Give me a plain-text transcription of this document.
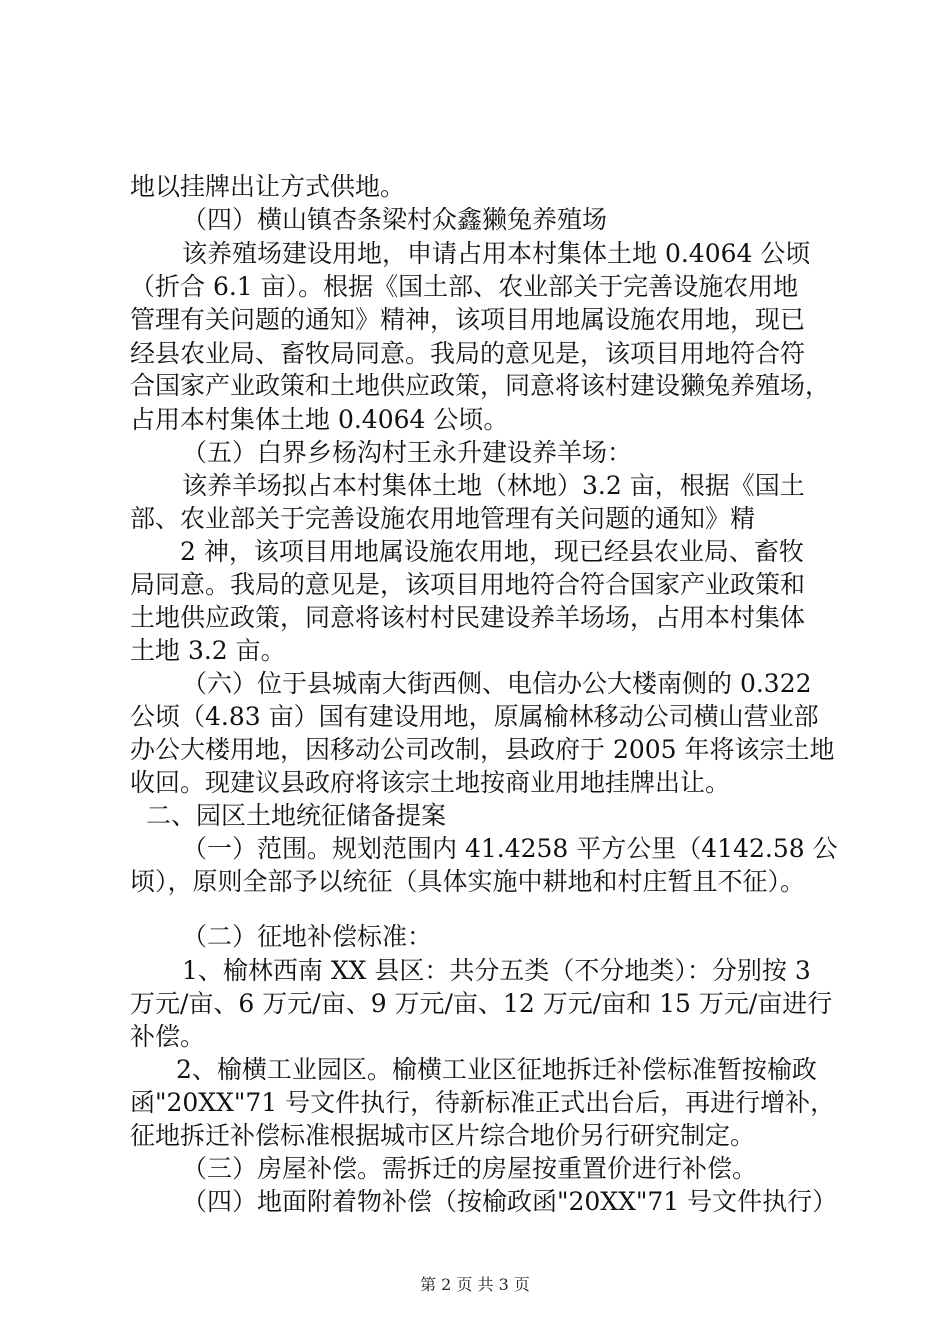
地以挂牌出让方式供地。
（四）横山镇杏条梁村众鑫獭兔养殖场
该养殖场建设用地，申请占用本村集体土地 0.4064 公顷
（折合 6.1 亩）。根据《国土部、农业部关于完善设施农用地
管理有关问题的通知》精神，该项目用地属设施农用地，现已
经县农业局、畜牧局同意。我局的意见是，该项目用地符合符
合国家产业政策和土地供应政策，同意将该村建设獭兔养殖场，
占用本村集体土地 0.4064 公顷。
（五）白界乡杨沟村王永升建设养羊场：
该养羊场拟占本村集体土地（林地）3.2 亩，根据《国土
部、农业部关于完善设施农用地管理有关问题的通知》精
2 神，该项目用地属设施农用地，现已经县农业局、畜牧
局同意。我局的意见是，该项目用地符合符合国家产业政策和
土地供应政策，同意将该村村民建设养羊场场，占用本村集体
土地 3.2 亩。
（六）位于县城南大街西侧、电信办公大楼南侧的 0.322
公顷（4.83 亩）国有建设用地，原属榆林移动公司横山营业部
办公大楼用地，因移动公司改制，县政府于 2005 年将该宗土地
收回。现建议县政府将该宗土地按商业用地挂牌出让。
二、园区土地统征储备提案
（一）范围。规划范围内 41.4258 平方公里（4142.58 公
顷），原则全部予以统征（具体实施中耕地和村庄暂且不征）。
（二）征地补偿标准：
1、榆林西南 XX 县区：共分五类（不分地类）：分别按 3
万元/亩、6 万元/亩、9 万元/亩、12 万元/亩和 15 万元/亩进行
补偿。
2、榆横工业园区。榆横工业区征地拆迁补偿标准暂按榆政
函"20XX"71 号文件执行，待新标准正式出台后，再进行增补，
征地拆迁补偿标准根据城市区片综合地价另行研究制定。
（三）房屋补偿。需拆迁的房屋按重置价进行补偿。
（四）地面附着物补偿（按榆政函"20XX"71 号文件执行）
第 2 页 共 3 页
